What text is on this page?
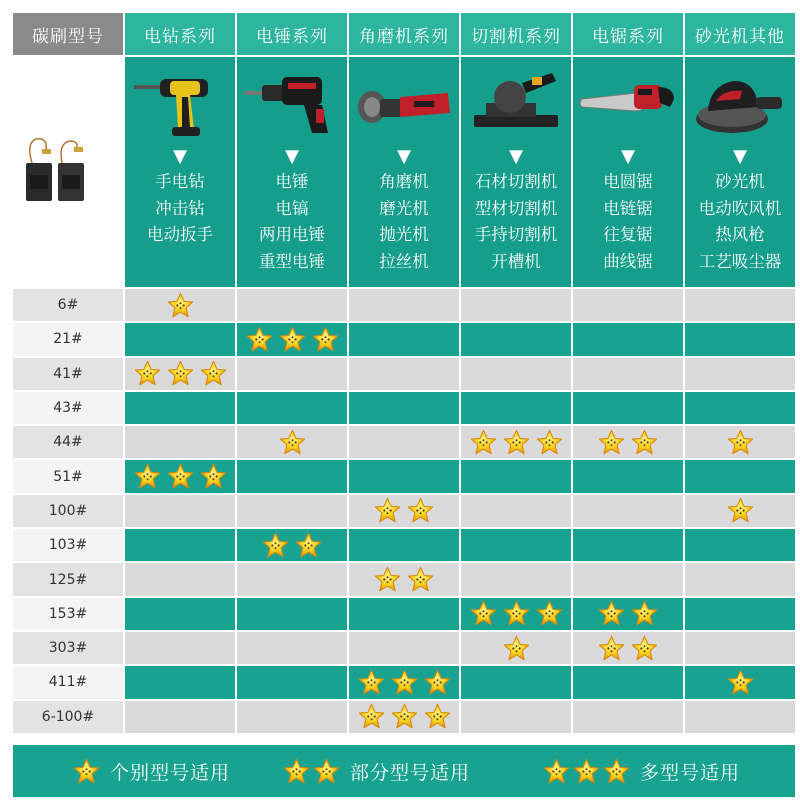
碳刷型号 电钻系列 电锤系列 角磨机系列 切割机系列 电锯系列 砂光机其他
▼
手电钻
冲击钻
电动扳手
▼
电锤
电镐
两用电锤
重型电锤
▼
角磨机
磨光机
抛光机
拉丝机
▼
石材切割机
型材切割机
手持切割机
开槽机
▼
电圆锯
电链锯
往复锯
曲线锯
▼
砂光机
电动吹风机
热风枪
工艺吸尘器
6#
21#
41#
43#
44#
51#
100#
103#
125#
153#
303#
411#
6-100#
个别型号适用	部分型号适用	多型号适用
